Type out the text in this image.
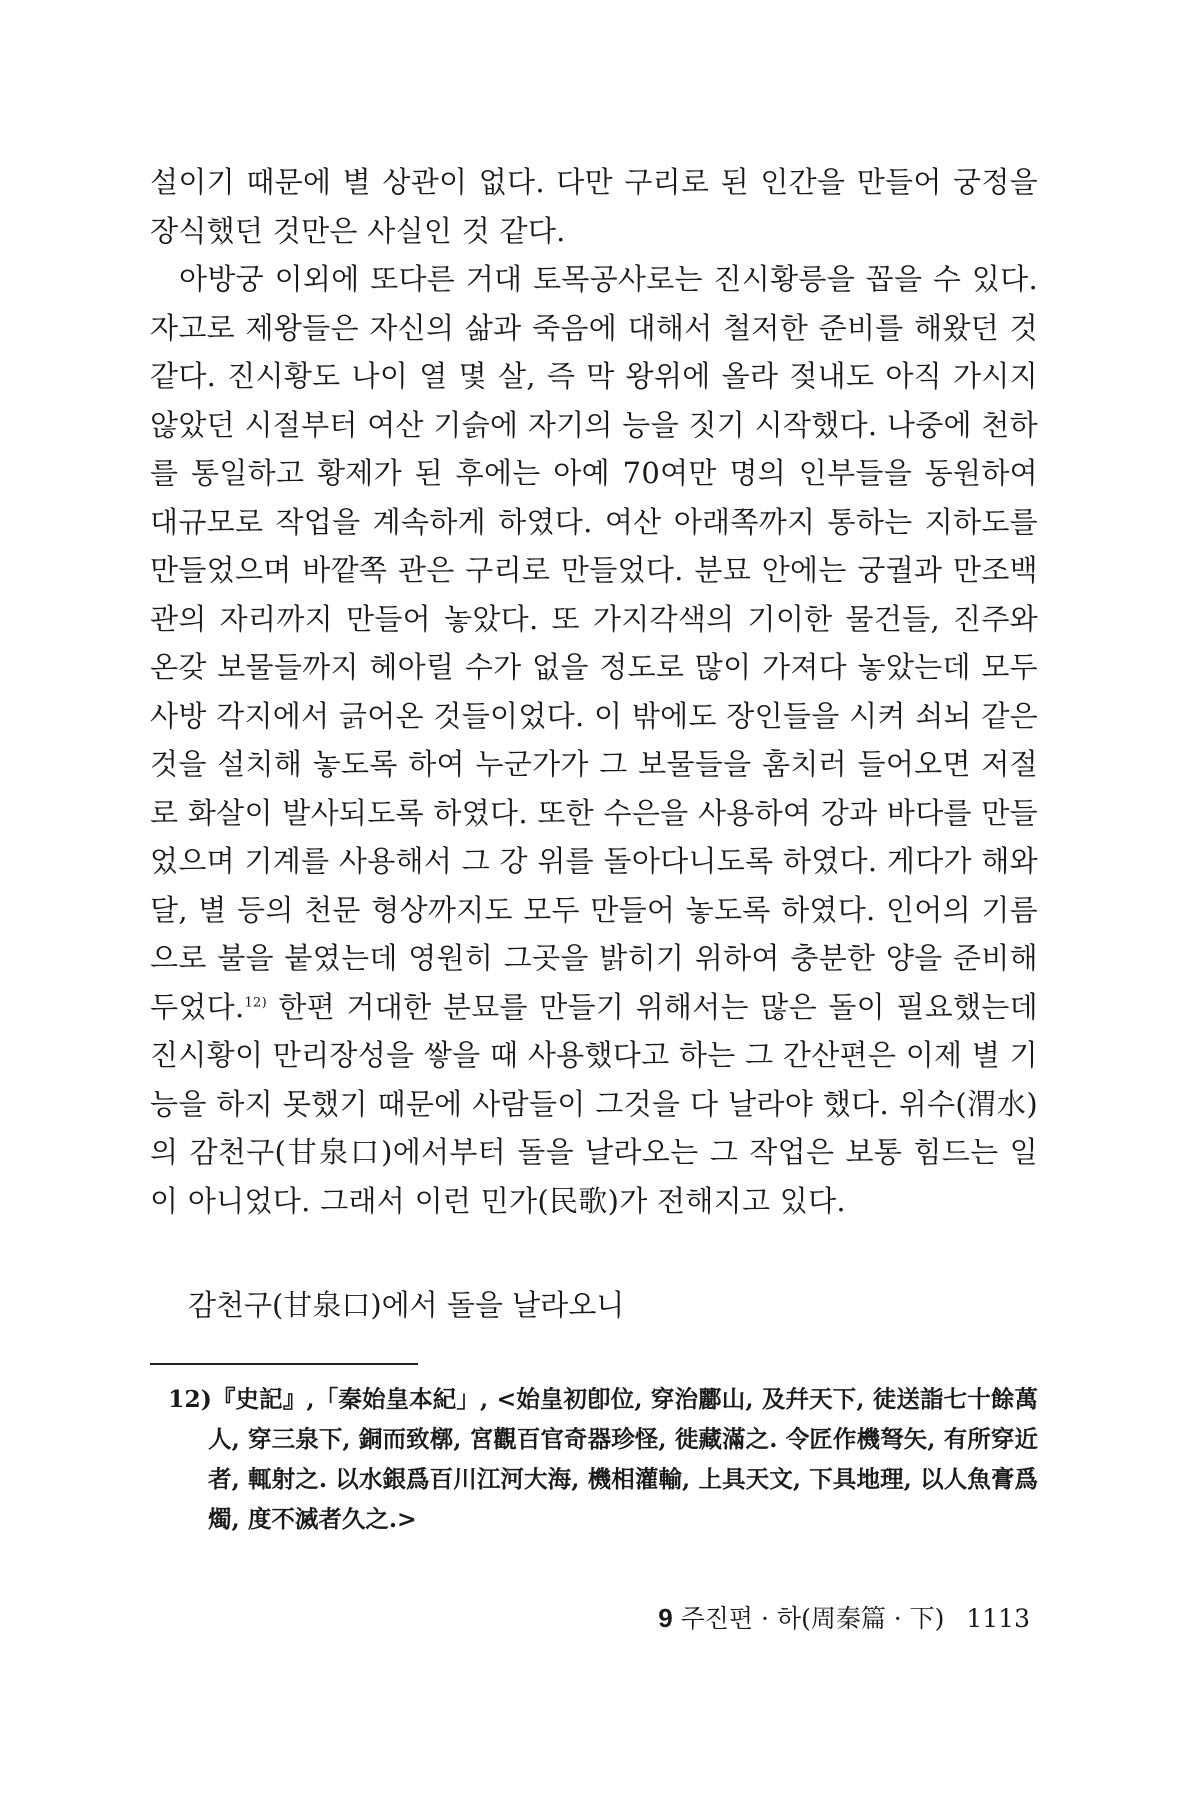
설이기 때문에 별 상관이 없다. 다만 구리로 된 인간을 만들어 궁정을 장식했던 것만은 사실인 것 같다.

아방궁 이외에 또다른 거대 토목공사로는 진시황릉을 꼽을 수 있다. 자고로 제왕들은 자신의 삶과 죽음에 대해서 철저한 준비를 해왔던 것 같다. 진시황도 나이 열 몇 살, 즉 막 왕위에 올라 젖내도 아직 가시지 않았던 시절부터 여산 기슭에 자기의 능을 짓기 시작했다. 나중에 천하를 통일하고 황제가 된 후에는 아예 70여만 명의 인부들을 동원하여 대규모로 작업을 계속하게 하였다. 여산 아래쪽까지 통하는 지하도를 만들었으며 바깥쪽 관은 구리로 만들었다. 분묘 안에는 궁궐과 만조백관의 자리까지 만들어 놓았다. 또 가지각색의 기이한 물건들, 진주와 온갖 보물들까지 헤아릴 수가 없을 정도로 많이 가져다 놓았는데 모두 사방 각지에서 긁어온 것들이었다. 이 밖에도 장인들을 시켜 쇠뇌 같은 것을 설치해 놓도록 하여 누군가가 그 보물들을 훔치러 들어오면 저절로 화살이 발사되도록 하였다. 또한 수은을 사용하여 강과 바다를 만들었으며 기계를 사용해서 그 강 위를 돌아다니도록 하였다. 게다가 해와 달, 별 등의 천문 형상까지도 모두 만들어 놓도록 하였다. 인어의 기름으로 불을 붙였는데 영원히 그곳을 밝히기 위하여 충분한 양을 준비해 두었다.$^{12)}$ 한편 거대한 분묘를 만들기 위해서는 많은 돌이 필요했는데 진시황이 만리장성을 쌓을 때 사용했다고 하는 그 간산편은 이제 별 기능을 하지 못했기 때문에 사람들이 그것을 다 날라야 했다. 위수(渭水)의 감천구(甘泉口)에서부터 돌을 날라오는 그 작업은 보통 힘드는 일이 아니었다. 그래서 이런 민가(民歌)가 전해지고 있다.

감천구(甘泉口)에서 돌을 날라오니
12)『史記』,「秦始皇本紀」, <始皇初卽位, 穿治酈山, 及幷天下, 徒送詣七十餘萬人, 穿三泉下, 銅而致槨, 宮觀百官奇器珍怪, 徙藏滿之. 令匠作機弩矢, 有所穿近者, 輒射之. 以水銀爲百川江河大海, 機相灌輸, 上具天文, 下具地理, 以人魚膏爲燭, 度不滅者久之.>
9 주진편 · 하(周秦篇 · 下) 1113
